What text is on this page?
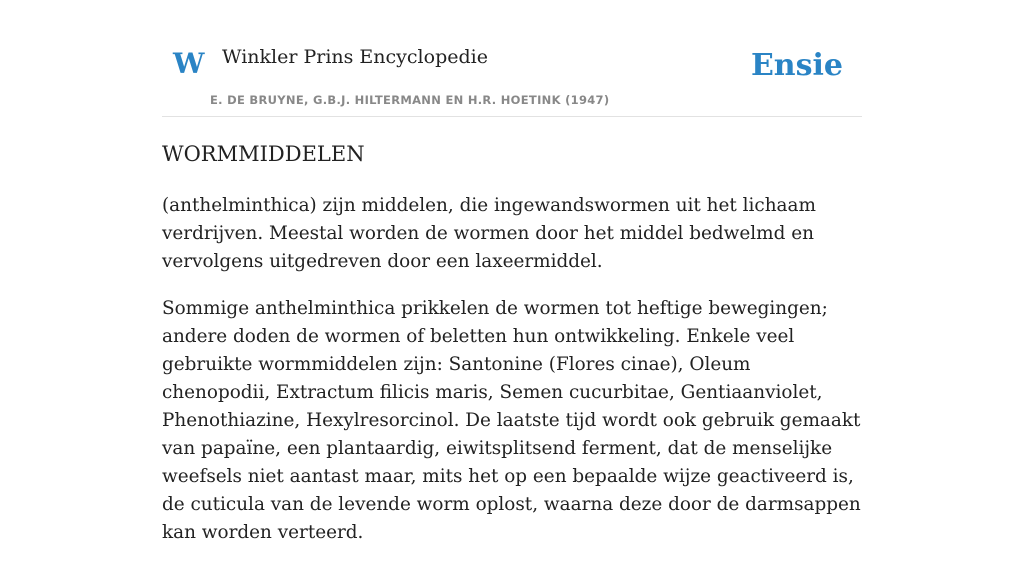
W Winkler Prins Encyclopedie
E. DE BRUYNE, G.B.J. HILTERMANN EN H.R. HOETINK (1947)
Ensie
WORMMIDDELEN

(anthelminthica) zijn middelen, die ingewandswormen uit het lichaam verdrijven. Meestal worden de wormen door het middel bedwelmd en vervolgens uitgedreven door een laxeermiddel.

Sommige anthelminthica prikkelen de wormen tot heftige bewegingen; andere doden de wormen of beletten hun ontwikkeling. Enkele veel gebruikte wormmiddelen zijn: Santonine (Flores cinae), Oleum chenopodii, Extractum filicis maris, Semen cucurbitae, Gentiaanviolet, Phenothiazine, Hexylresorcinol. De laatste tijd wordt ook gebruik gemaakt van papaïne, een plantaardig, eiwitsplitsend ferment, dat de menselijke weefsels niet aantast maar, mits het op een bepaalde wijze geactiveerd is, de cuticula van de levende worm oplost, waarna deze door de darmsappen kan worden verteerd.
